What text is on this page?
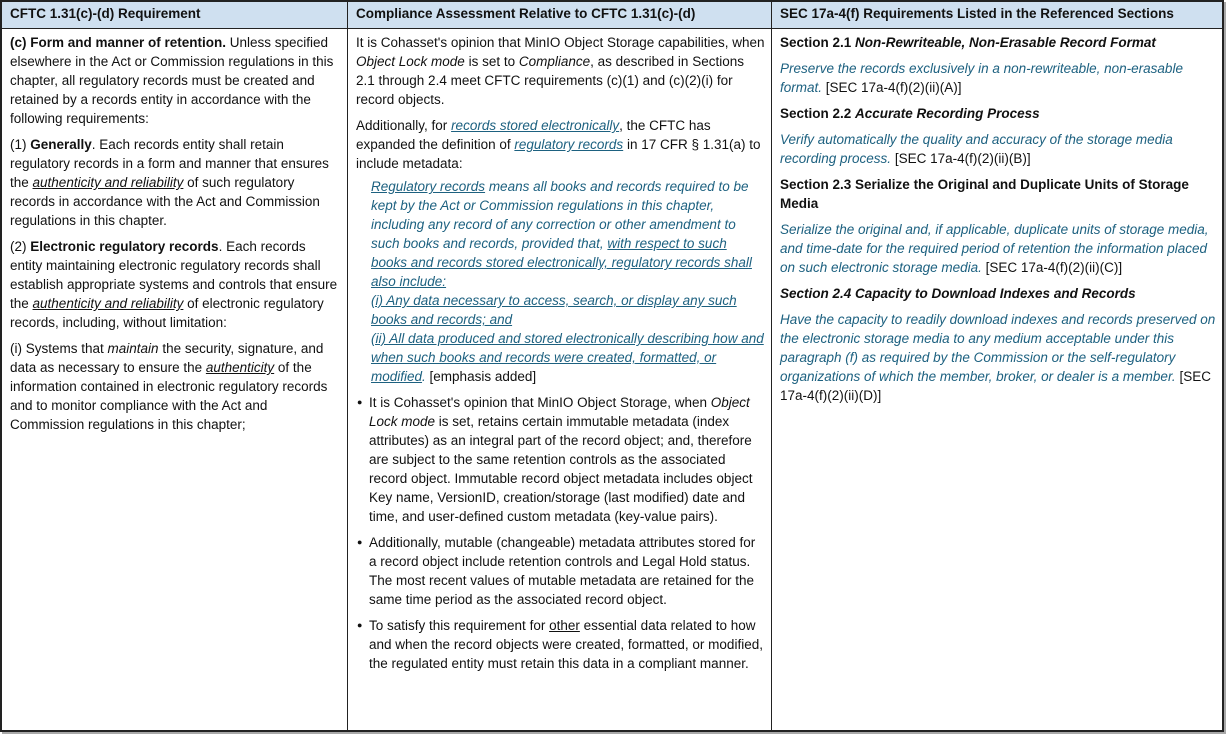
CFTC 1.31(c)-(d) Requirement	Compliance Assessment Relative to CFTC 1.31(c)-(d)	SEC 17a-4(f) Requirements Listed in the Referenced Sections
(c) Form and manner of retention. Unless specified elsewhere in the Act or Commission regulations in this chapter, all regulatory records must be created and retained by a records entity in accordance with the following requirements:
(1) Generally. Each records entity shall retain regulatory records in a form and manner that ensures the authenticity and reliability of such regulatory records in accordance with the Act and Commission regulations in this chapter.
(2) Electronic regulatory records. Each records entity maintaining electronic regulatory records shall establish appropriate systems and controls that ensure the authenticity and reliability of electronic regulatory records, including, without limitation:
(i) Systems that maintain the security, signature, and data as necessary to ensure the authenticity of the information contained in electronic regulatory records and to monitor compliance with the Act and Commission regulations in this chapter;
It is Cohasset's opinion that MinIO Object Storage capabilities, when Object Lock mode is set to Compliance, as described in Sections 2.1 through 2.4 meet CFTC requirements (c)(1) and (c)(2)(i) for record objects.
Additionally, for records stored electronically, the CFTC has expanded the definition of regulatory records in 17 CFR § 1.31(a) to include metadata:
Regulatory records means all books and records required to be kept by the Act or Commission regulations in this chapter, including any record of any correction or other amendment to such books and records, provided that, with respect to such books and records stored electronically, regulatory records shall also include:
(i) Any data necessary to access, search, or display any such books and records; and
(ii) All data produced and stored electronically describing how and when such books and records were created, formatted, or modified. [emphasis added]
● It is Cohasset's opinion that MinIO Object Storage, when Object Lock mode is set, retains certain immutable metadata (index attributes) as an integral part of the record object; and, therefore are subject to the same retention controls as the associated record object. Immutable record object metadata includes object Key name, VersionID, creation/storage (last modified) date and time, and user-defined custom metadata (key-value pairs).
● Additionally, mutable (changeable) metadata attributes stored for a record object include retention controls and Legal Hold status. The most recent values of mutable metadata are retained for the same time period as the associated record object.
● To satisfy this requirement for other essential data related to how and when the record objects were created, formatted, or modified, the regulated entity must retain this data in a compliant manner.
Section 2.1 Non-Rewriteable, Non-Erasable Record Format
Preserve the records exclusively in a non-rewriteable, non-erasable format. [SEC 17a-4(f)(2)(ii)(A)]
Section 2.2 Accurate Recording Process
Verify automatically the quality and accuracy of the storage media recording process. [SEC 17a-4(f)(2)(ii)(B)]
Section 2.3 Serialize the Original and Duplicate Units of Storage Media
Serialize the original and, if applicable, duplicate units of storage media, and time-date for the required period of retention the information placed on such electronic storage media. [SEC 17a-4(f)(2)(ii)(C)]
Section 2.4 Capacity to Download Indexes and Records
Have the capacity to readily download indexes and records preserved on the electronic storage media to any medium acceptable under this paragraph (f) as required by the Commission or the self-regulatory organizations of which the member, broker, or dealer is a member. [SEC 17a-4(f)(2)(ii)(D)]
